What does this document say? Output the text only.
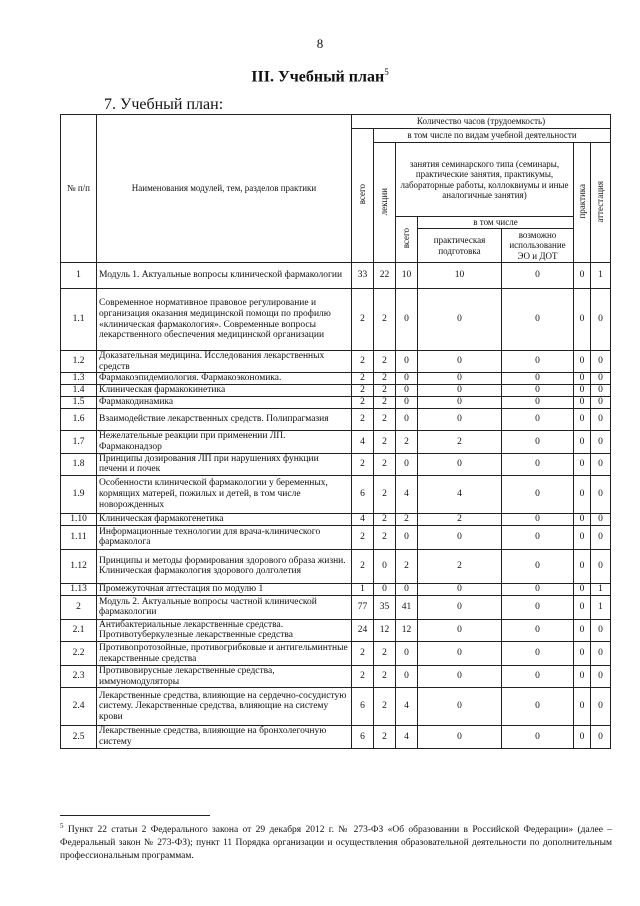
8
III. Учебный план$^5$
7. Учебный план:
№ п/п	Наименования модулей, тем, разделов практики	Количество часов (трудоемкость)						
		всего	в том числе по видам учебной деятельности					
			лекции	занятия семинарского типа (семинары, практические занятия, практикумы, лабораторные работы, коллоквиумы и иные аналогичные занятия)			практика	аттестация
				всего	в том числе			
					практическая подготовка	возможно использование ЭО и ДОТ		
1	Модуль 1. Актуальные вопросы клинической фармакологии	33	22	10	10	0	0	1
1.1	Современное нормативное правовое регулирование и организация оказания медицинской помощи по профилю «клиническая фармакология». Современные вопросы лекарственного обеспечения медицинской организации	2	2	0	0	0	0	0
1.2	Доказательная медицина. Исследования лекарственных средств	2	2	0	0	0	0	0
1.3	Фармакоэпидемиология. Фармакоэкономика.	2	2	0	0	0	0	0
1.4	Клиническая фармакокинетика	2	2	0	0	0	0	0
1.5	Фармакодинамика	2	2	0	0	0	0	0
1.6	Взаимодействие лекарственных средств. Полипрагмазия	2	2	0	0	0	0	0
1.7	Нежелательные реакции при применении ЛП. Фармаконадзор	4	2	2	2	0	0	0
1.8	Принципы дозирования ЛП при нарушениях функции печени и почек	2	2	0	0	0	0	0
1.9	Особенности клинической фармакологии у беременных, кормящих матерей, пожилых и детей, в том числе новорожденных	6	2	4	4	0	0	0
1.10	Клиническая фармакогенетика	4	2	2	2	0	0	0
1.11	Информационные технологии для врача-клинического фармаколога	2	2	0	0	0	0	0
1.12	Принципы и методы формирования здорового образа жизни. Клиническая фармакология здорового долголетия	2	0	2	2	0	0	0
1.13	Промежуточная аттестация по модулю 1	1	0	0	0	0	0	1
2	Модуль 2. Актуальные вопросы частной клинической фармакологии	77	35	41	0	0	0	1
2.1	Антибактериальные лекарственные средства. Противотуберкулезные лекарственные средства	24	12	12	0	0	0	0
2.2	Противопротозойные, противогрибковые и антигельминтные лекарственные средства	2	2	0	0	0	0	0
2.3	Противовирусные лекарственные средства, иммуномодуляторы	2	2	0	0	0	0	0
2.4	Лекарственные средства, влияющие на сердечно-сосудистую систему. Лекарственные средства, влияющие на систему крови	6	2	4	0	0	0	0
2.5	Лекарственные средства, влияющие на бронхолегочную систему	6	2	4	0	0	0	0
$^5$ Пункт 22 статьи 2 Федерального закона от 29 декабря 2012 г. № 273-ФЗ «Об образовании в Российской Федерации» (далее – Федеральный закон № 273-ФЗ); пункт 11 Порядка организации и осуществления образовательной деятельности по дополнительным профессиональным программам.
